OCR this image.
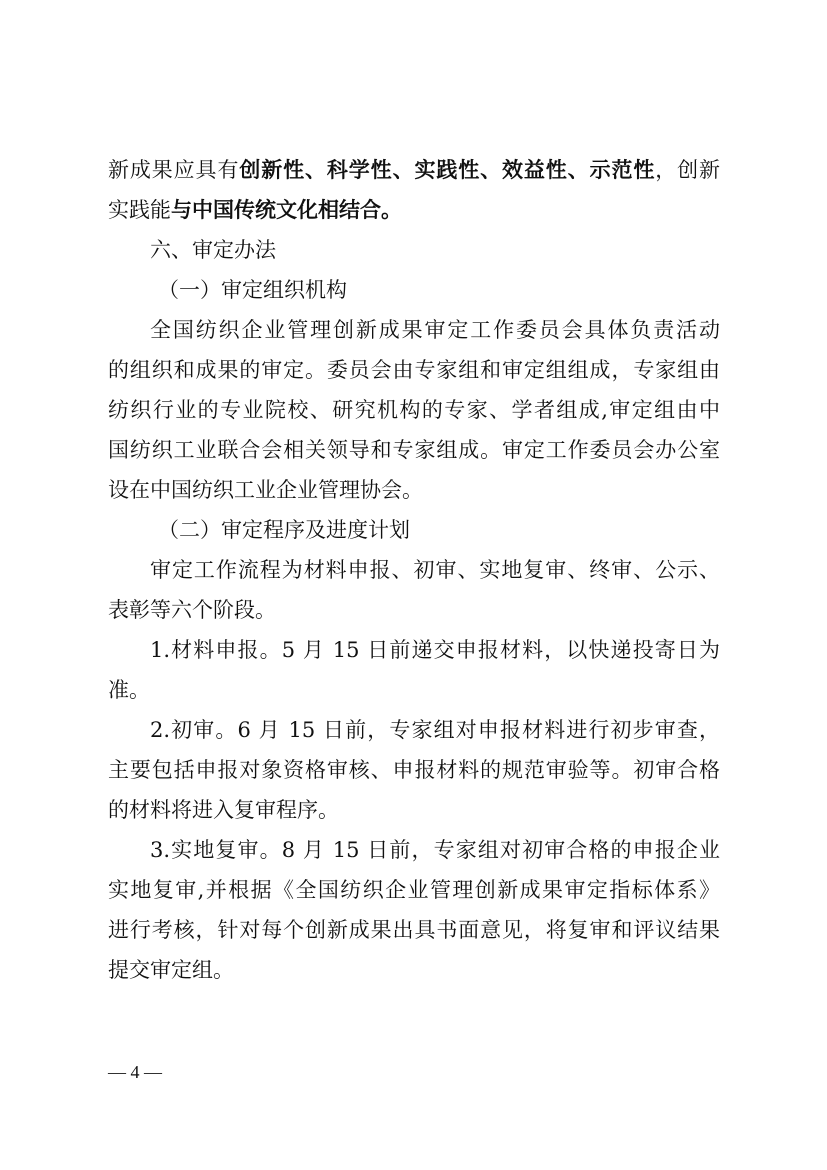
新成果应具有创新性、科学性、实践性、效益性、示范性，创新
实践能与中国传统文化相结合。
六、审定办法
（一）审定组织机构
全国纺织企业管理创新成果审定工作委员会具体负责活动
的组织和成果的审定。委员会由专家组和审定组组成，专家组由
纺织行业的专业院校、研究机构的专家、学者组成,审定组由中
国纺织工业联合会相关领导和专家组成。审定工作委员会办公室
设在中国纺织工业企业管理协会。
（二）审定程序及进度计划
审定工作流程为材料申报、初审、实地复审、终审、公示、
表彰等六个阶段。
1.材料申报。5 月 15 日前递交申报材料，以快递投寄日为
准。
2.初审。6 月 15 日前，专家组对申报材料进行初步审查，
主要包括申报对象资格审核、申报材料的规范审验等。初审合格
的材料将进入复审程序。
3.实地复审。8 月 15 日前，专家组对初审合格的申报企业
实地复审,并根据《全国纺织企业管理创新成果审定指标体系》
进行考核，针对每个创新成果出具书面意见，将复审和评议结果
提交审定组。
— 4 —
